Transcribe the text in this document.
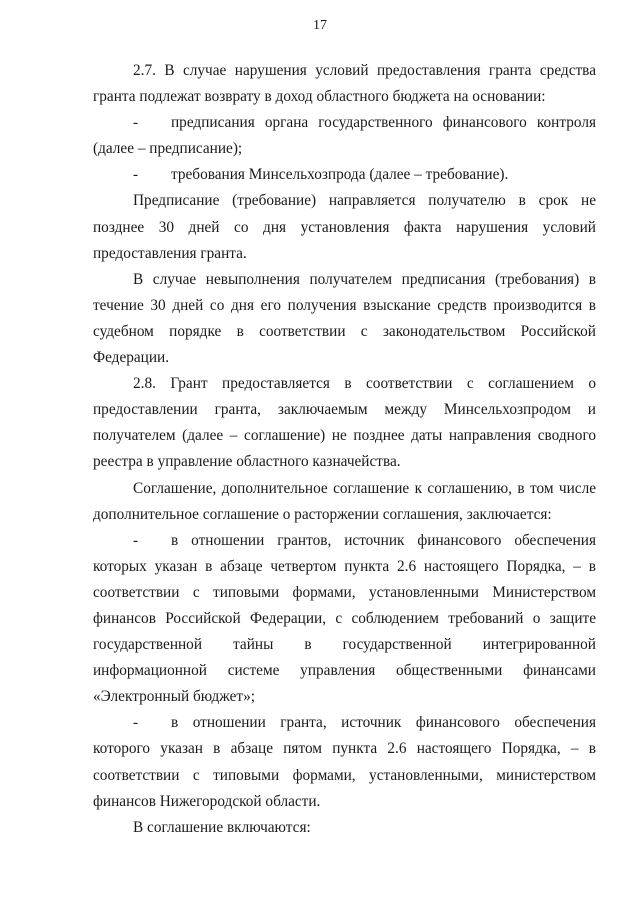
17

2.7. В случае нарушения условий предоставления гранта средства гранта подлежат возврату в доход областного бюджета на основании:

- предписания органа государственного финансового контроля (далее – предписание);

- требования Минсельхозпрода (далее – требование).

Предписание (требование) направляется получателю в срок не позднее 30 дней со дня установления факта нарушения условий предоставления гранта.

В случае невыполнения получателем предписания (требования) в течение 30 дней со дня его получения взыскание средств производится в судебном порядке в соответствии с законодательством Российской Федерации.

2.8. Грант предоставляется в соответствии с соглашением о предоставлении гранта, заключаемым между Минсельхозпродом и получателем (далее – соглашение) не позднее даты направления сводного реестра в управление областного казначейства.

Соглашение, дополнительное соглашение к соглашению, в том числе дополнительное соглашение о расторжении соглашения, заключается:

- в отношении грантов, источник финансового обеспечения которых указан в абзаце четвертом пункта 2.6 настоящего Порядка, – в соответствии с типовыми формами, установленными Министерством финансов Российской Федерации, с соблюдением требований о защите государственной тайны в государственной интегрированной информационной системе управления общественными финансами «Электронный бюджет»;

- в отношении гранта, источник финансового обеспечения которого указан в абзаце пятом пункта 2.6 настоящего Порядка, – в соответствии с типовыми формами, установленными, министерством финансов Нижегородской области.

В соглашение включаются:
